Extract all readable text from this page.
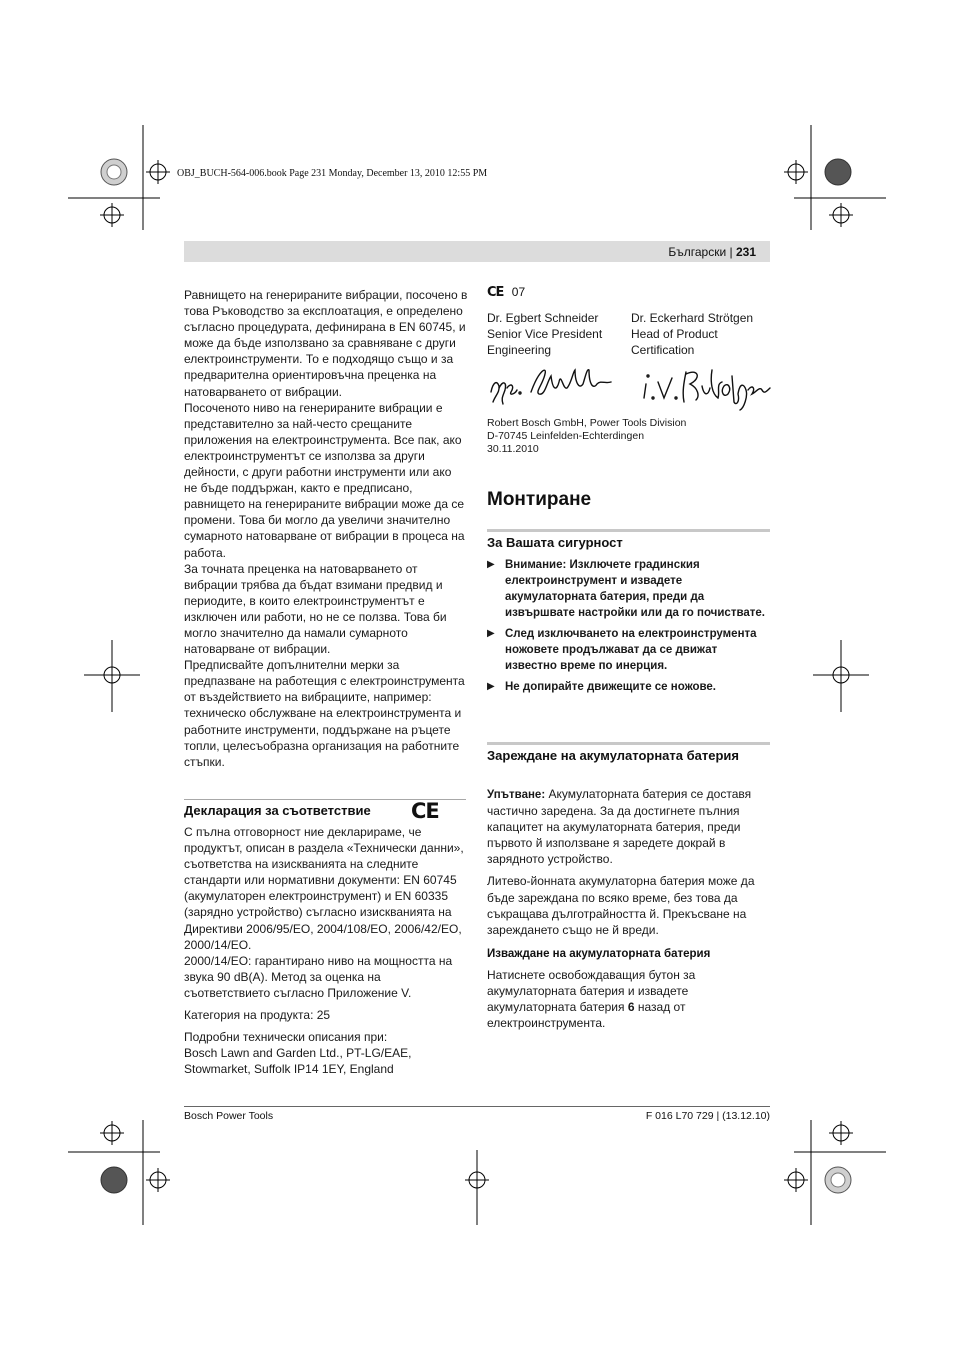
OBJ_BUCH-564-006.book Page 231 Monday, December 13, 2010 12:55 PM
Български | 231

Равнището на генерираните вибрации, посочено в това Ръководство за експлоатация, е определено съгласно процедурата, дефинирана в EN 60745, и може да бъде използвано за сравняване с други електроинструменти. То е подходящо също и за предварителна ориентировъчна преценка на натоварването от вибрации.

Посоченото ниво на генерираните вибрации е представително за най-често срещаните приложения на електроинструмента. Все пак, ако електроинструментът се използва за други дейности, с други работни инструменти или ако не бъде поддържан, както е предписано, равнището на генерираните вибрации може да се промени. Това би могло да увеличи значително сумарното натоварване от вибрации в процеса на работа.

За точната преценка на натоварването от вибрации трябва да бъдат взимани предвид и периодите, в които електроинструментът е изключен или работи, но не се ползва. Това би могло значително да намали сумарното натоварване от вибрации.

Предписвайте допълнителни мерки за предпазване на работещия с електроинструмента от въздействието на вибрациите, например: техническо обслужване на електроинструмента и работните инструменти, поддържане на ръцете топли, целесъобразна организация на работните стъпки.

Декларация за съответствие CE

С пълна отговорност ние декларираме, че продуктът, описан в раздела «Технически данни», съответства на изискванията на следните стандарти или нормативни документи: EN 60745 (акумулаторен електроинструмент) и EN 60335 (зарядно устройство) съгласно изискванията на Директиви 2006/95/ЕО, 2004/108/ЕО, 2006/42/ЕО, 2000/14/ЕО.

2000/14/ЕО: гарантирано ниво на мощността на звука 90 dB(A). Метод за оценка на съответствието съгласно Приложение V.

Категория на продукта: 25

Подробни технически описания при:

Bosch Lawn and Garden Ltd., PT-LG/EAE,

Stowmarket, Suffolk IP14 1EY, England

CE 07
Dr. Egbert Schneider
Senior Vice President
Engineering
Dr. Eckerhard Strötgen
Head of Product
Certification
Robert Bosch GmbH, Power Tools Division
D-70745 Leinfelden-Echterdingen
30.11.2010
Монтиране
За Вашата сигурност
▶ Внимание: Изключете градинския електроинструмент и извадете акумулаторната батерия, преди да извършвате настройки или да го почиствате.
▶ След изключването на електроинструмента ножовете продължават да се движат известно време по инерция.
▶ Не допирайте движещите се ножове.
Зареждане на акумулаторната батерия

Упътване: Акумулаторната батерия се доставя частично заредена. За да достигнете пълния капацитет на акумулаторната батерия, преди първото й използване я заредете докрай в зарядното устройство.

Литево-йонната акумулаторна батерия може да бъде зареждана по всяко време, без това да съкращава дълготрайността й. Прекъсване на зареждането също не й вреди.

Изваждане на акумулаторната батерия
Натиснете освобождаващия бутон за акумулаторната батерия и извадете акумулаторната батерия 6 назад от електроинструмента.
Bosch Power Tools	F 016 L70 729 | (13.12.10)
